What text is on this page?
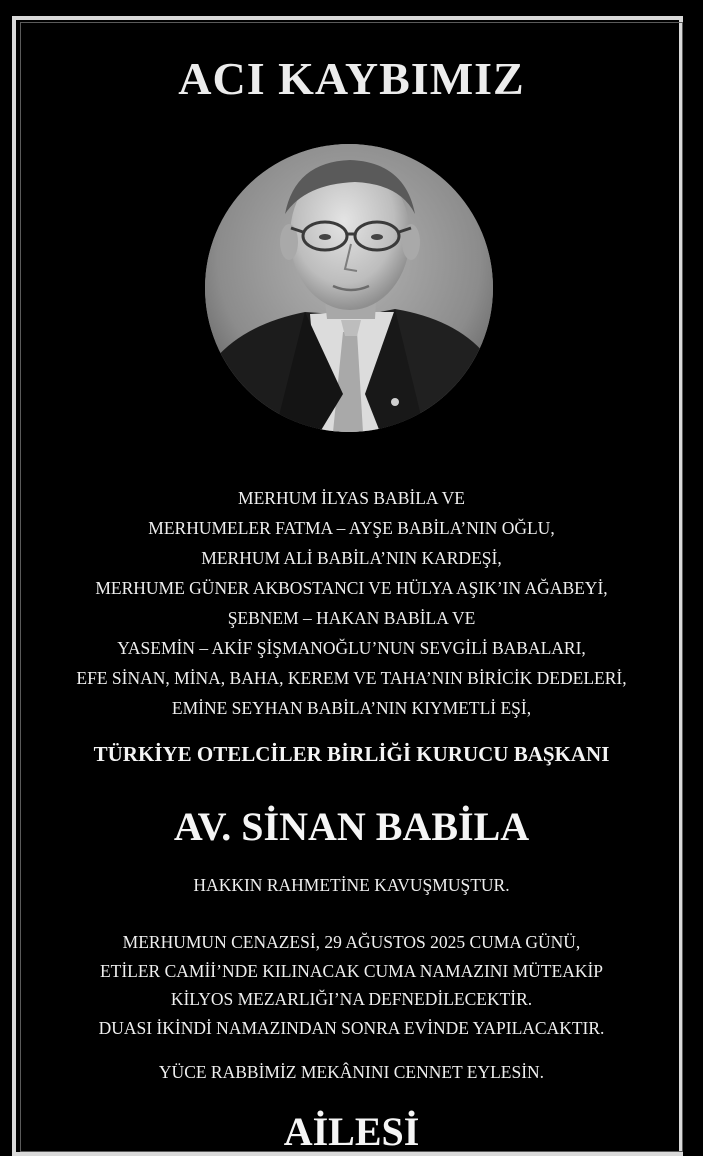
ACI KAYBIMIZ
MERHUM İLYAS BABİLA VE
MERHUMELER FATMA – AYŞE BABİLA’NIN OĞLU,
MERHUM ALİ BABİLA’NIN KARDEŞİ,
MERHUME GÜNER AKBOSTANCI VE HÜLYA AŞIK’IN AĞABEYİ,
ŞEBNEM – HAKAN BABİLA VE
YASEMİN – AKİF ŞİŞMANOĞLU’NUN SEVGİLİ BABALARI,
EFE SİNAN, MİNA, BAHA, KEREM VE TAHA’NIN BİRİCİK DEDELERİ,
EMİNE SEYHAN BABİLA’NIN KIYMETLİ EŞİ,
TÜRKİYE OTELCİLER BİRLİĞİ KURUCU BAŞKANI
AV. SİNAN BABİLA
HAKKIN RAHMETİNE KAVUŞMUŞTUR.
MERHUMUN CENAZESİ, 29 AĞUSTOS 2025 CUMA GÜNÜ,
ETİLER CAMİİ’NDE KILINACAK CUMA NAMAZINI MÜTEAKİP
KİLYOS MEZARLIĞI’NA DEFNEDİLECEKTİR.
DUASI İKİNDİ NAMAZINDAN SONRA EVİNDE YAPILACAKTIR.
YÜCE RABBİMİZ MEKÂNINI CENNET EYLESİN.
AİLESİ
